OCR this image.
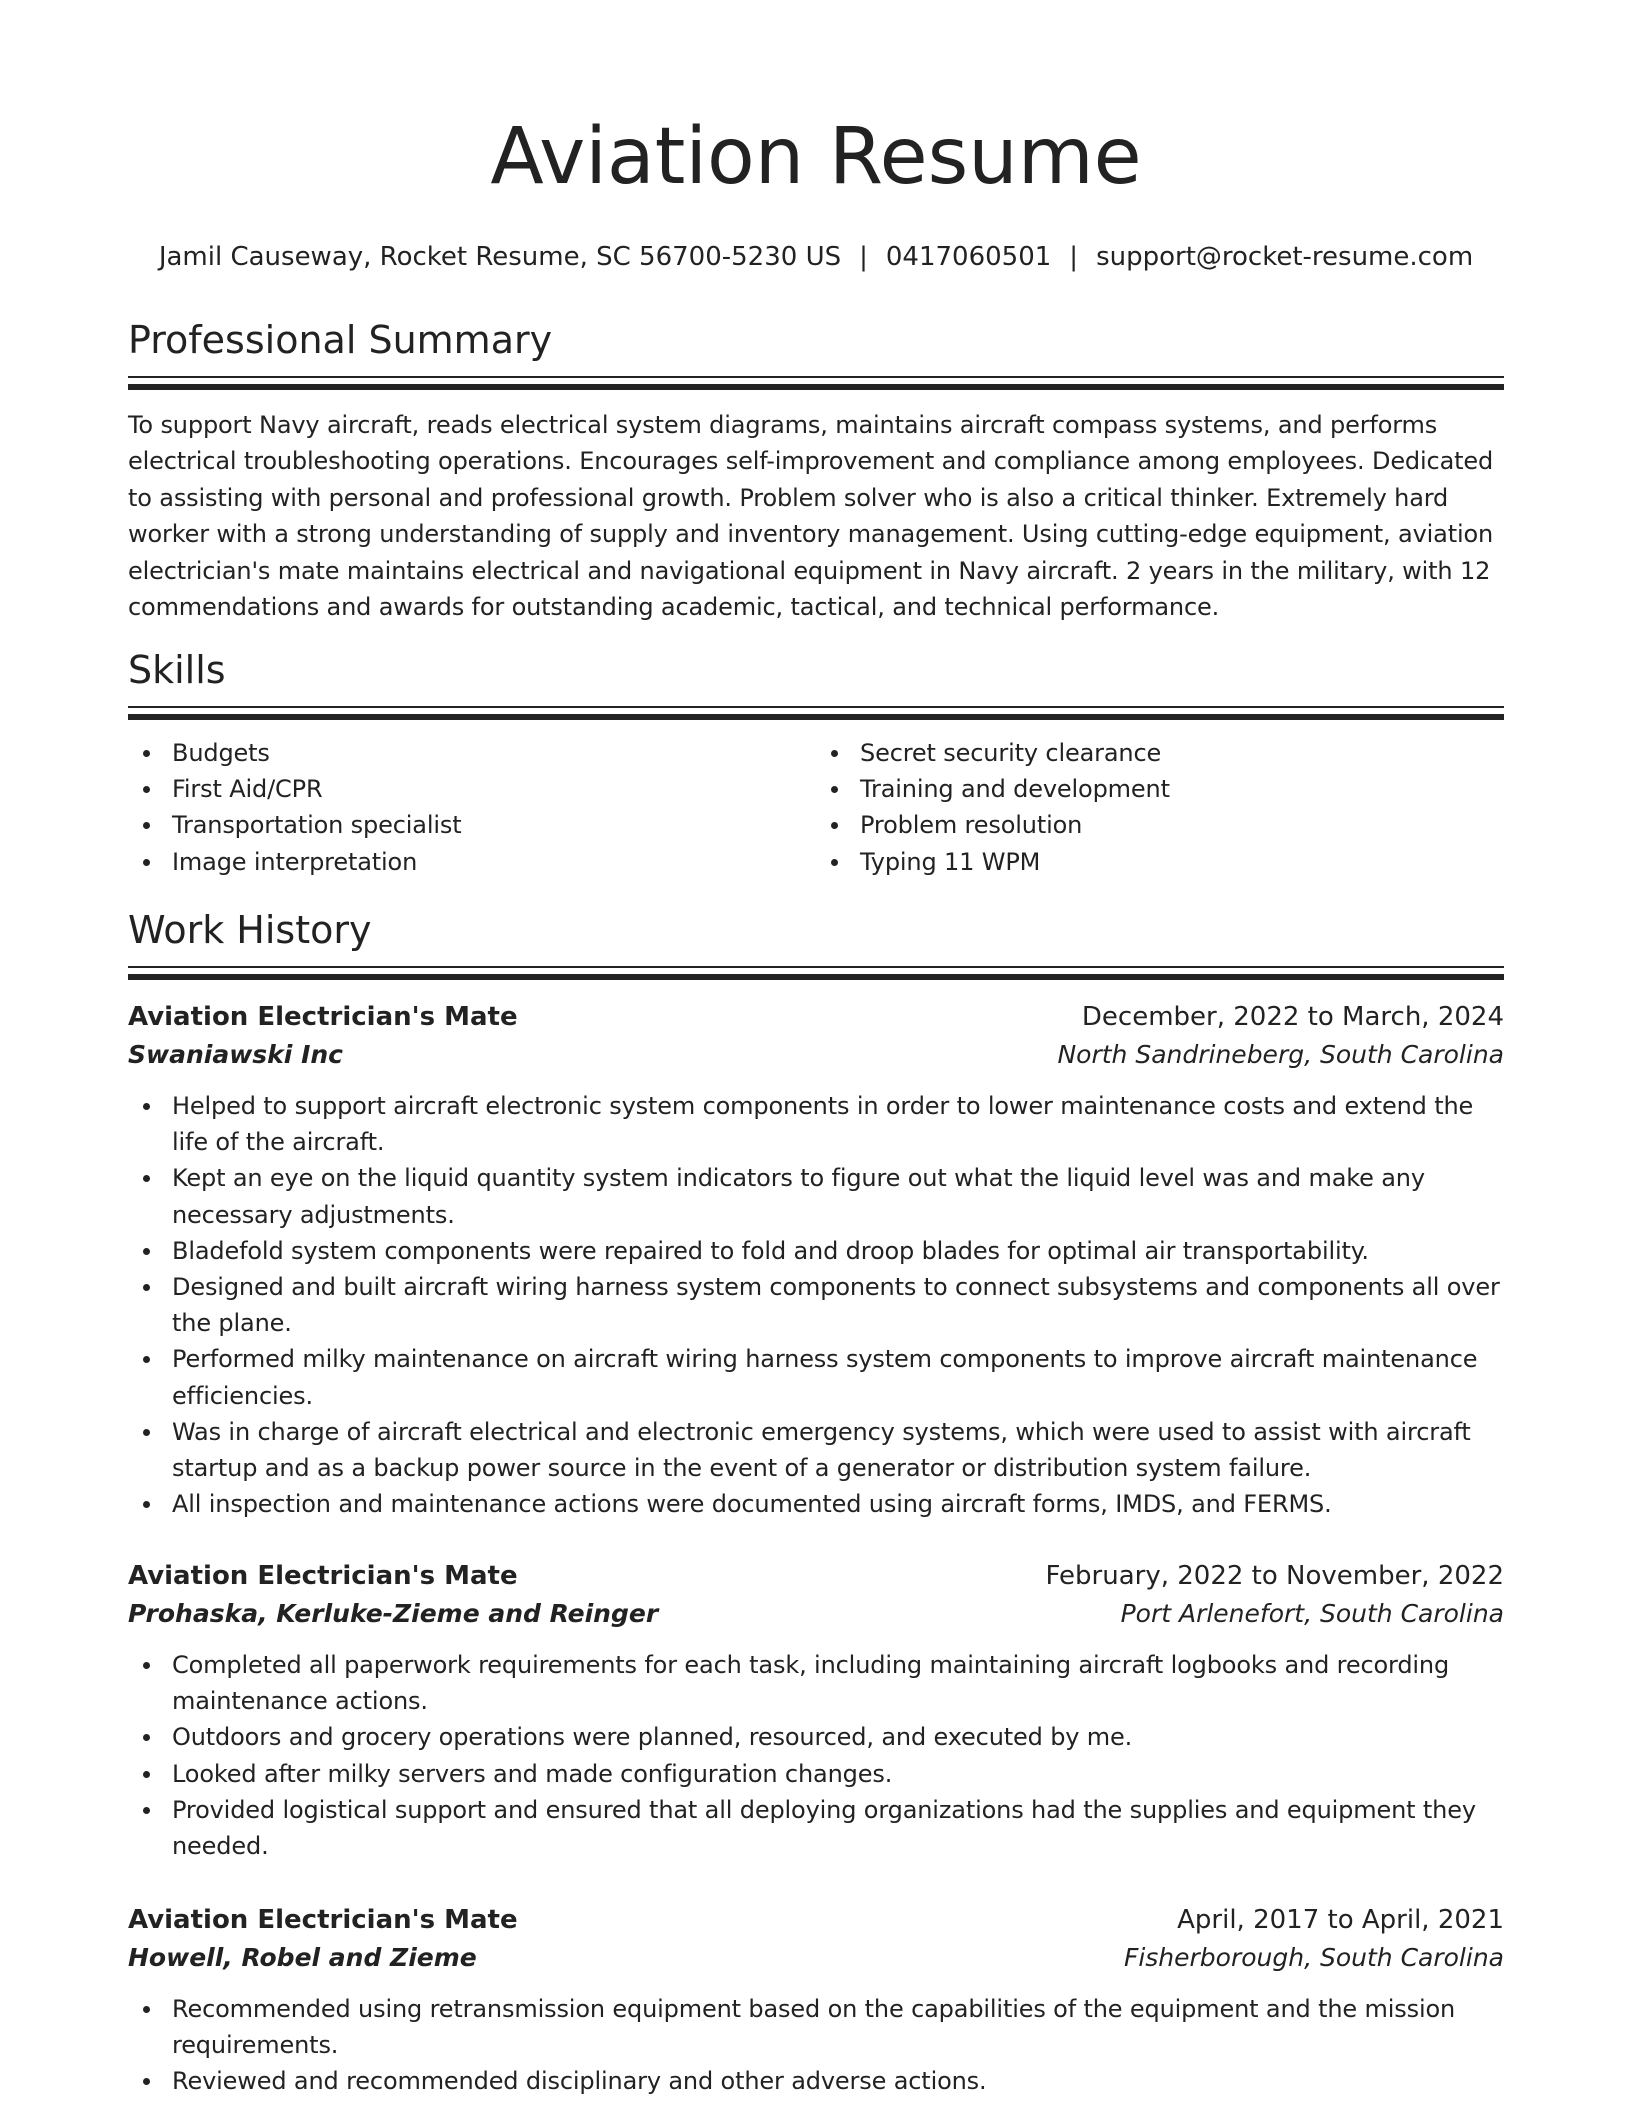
Aviation Resume
Jamil Causeway, Rocket Resume, SC 56700-5230 US | 0417060501 | support@rocket-resume.com
Professional Summary
To support Navy aircraft, reads electrical system diagrams, maintains aircraft compass systems, and performs electrical troubleshooting operations. Encourages self-improvement and compliance among employees. Dedicated to assisting with personal and professional growth. Problem solver who is also a critical thinker. Extremely hard worker with a strong understanding of supply and inventory management. Using cutting-edge equipment, aviation electrician's mate maintains electrical and navigational equipment in Navy aircraft. 2 years in the military, with 12 commendations and awards for outstanding academic, tactical, and technical performance.
Skills
Budgets
First Aid/CPR
Transportation specialist
Image interpretation
Secret security clearance
Training and development
Problem resolution
Typing 11 WPM
Work History
Aviation Electrician's Mate	December, 2022 to March, 2024
Swaniawski Inc	North Sandrineberg, South Carolina
Helped to support aircraft electronic system components in order to lower maintenance costs and extend the life of the aircraft.
Kept an eye on the liquid quantity system indicators to figure out what the liquid level was and make any necessary adjustments.
Bladefold system components were repaired to fold and droop blades for optimal air transportability.
Designed and built aircraft wiring harness system components to connect subsystems and components all over the plane.
Performed milky maintenance on aircraft wiring harness system components to improve aircraft maintenance efficiencies.
Was in charge of aircraft electrical and electronic emergency systems, which were used to assist with aircraft startup and as a backup power source in the event of a generator or distribution system failure.
All inspection and maintenance actions were documented using aircraft forms, IMDS, and FERMS.
Aviation Electrician's Mate	February, 2022 to November, 2022
Prohaska, Kerluke-Zieme and Reinger	Port Arlenefort, South Carolina
Completed all paperwork requirements for each task, including maintaining aircraft logbooks and recording maintenance actions.
Outdoors and grocery operations were planned, resourced, and executed by me.
Looked after milky servers and made configuration changes.
Provided logistical support and ensured that all deploying organizations had the supplies and equipment they needed.
Aviation Electrician's Mate	April, 2017 to April, 2021
Howell, Robel and Zieme	Fisherborough, South Carolina
Recommended using retransmission equipment based on the capabilities of the equipment and the mission requirements.
Reviewed and recommended disciplinary and other adverse actions.
